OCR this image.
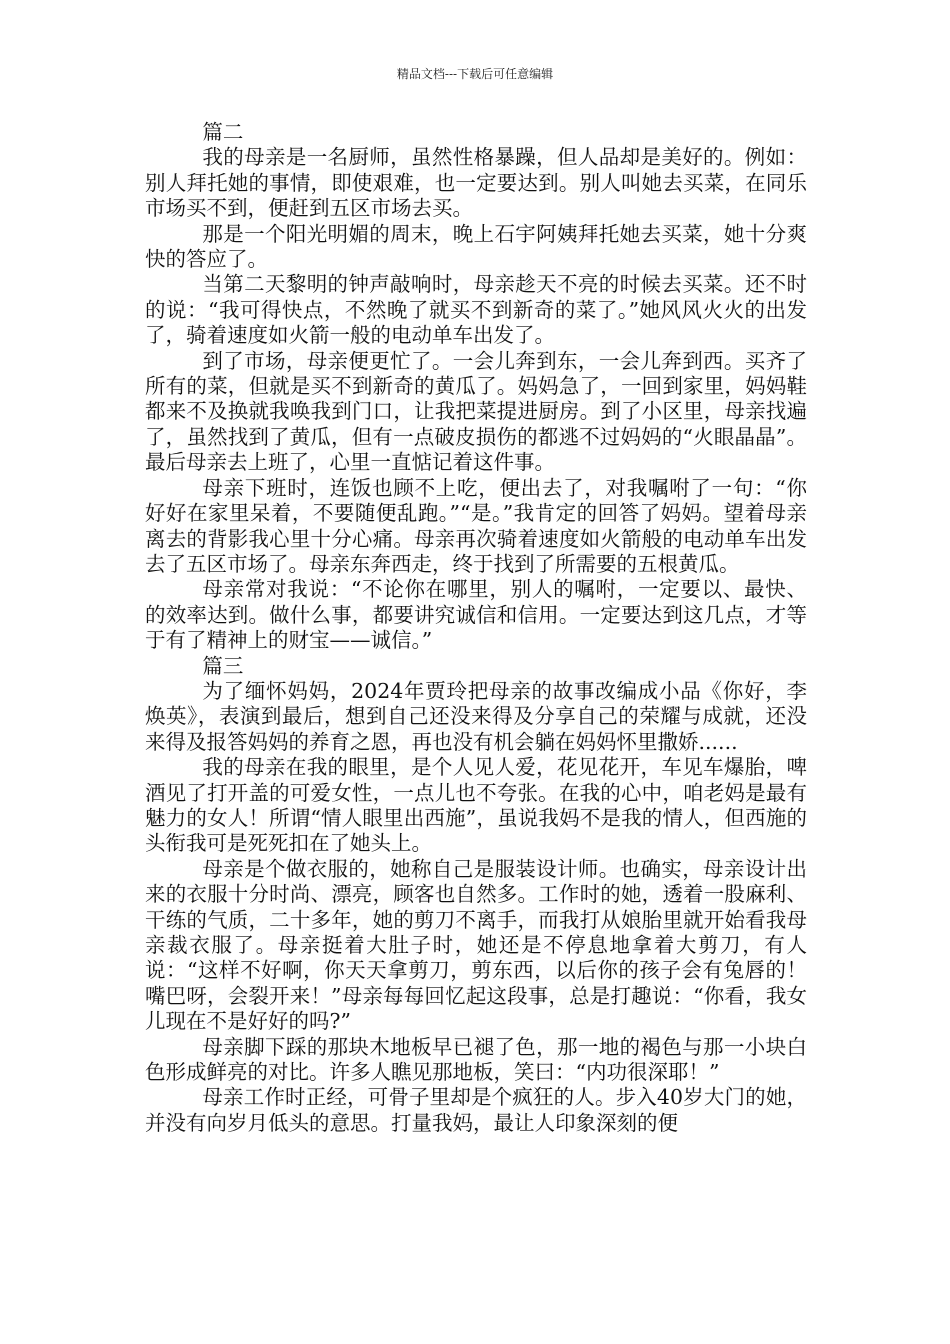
精品文档---下载后可任意编辑

篇二

我的母亲是一名厨师，虽然性格暴躁，但人品却是美好的。例如：别人拜托她的事情，即使艰难，也一定要达到。别人叫她去买菜，在同乐市场买不到，便赶到五区市场去买。

那是一个阳光明媚的周末，晚上石宇阿姨拜托她去买菜，她十分爽快的答应了。

当第二天黎明的钟声敲响时，母亲趁天不亮的时候去买菜。还不时的说：“我可得快点，不然晚了就买不到新奇的菜了。”她风风火火的出发了，骑着速度如火箭一般的电动单车出发了。

到了市场，母亲便更忙了。一会儿奔到东，一会儿奔到西。买齐了所有的菜，但就是买不到新奇的黄瓜了。妈妈急了，一回到家里，妈妈鞋都来不及换就我唤我到门口，让我把菜提进厨房。到了小区里，母亲找遍了，虽然找到了黄瓜，但有一点破皮损伤的都逃不过妈妈的“火眼晶晶”。最后母亲去上班了，心里一直惦记着这件事。

母亲下班时，连饭也顾不上吃，便出去了，对我嘱咐了一句：“你好好在家里呆着，不要随便乱跑。”“是。”我肯定的回答了妈妈。望着母亲离去的背影我心里十分心痛。母亲再次骑着速度如火箭般的电动单车出发去了五区市场了。母亲东奔西走，终于找到了所需要的五根黄瓜。

母亲常对我说：“不论你在哪里，别人的嘱咐，一定要以、最快、的效率达到。做什么事，都要讲究诚信和信用。一定要达到这几点，才等于有了精神上的财宝——诚信。”

篇三

为了缅怀妈妈，2024年贾玲把母亲的故事改编成小品《你好，李焕英》，表演到最后，想到自己还没来得及分享自己的荣耀与成就，还没来得及报答妈妈的养育之恩，再也没有机会躺在妈妈怀里撒娇......

我的母亲在我的眼里，是个人见人爱，花见花开，车见车爆胎，啤酒见了打开盖的可爱女性，一点儿也不夸张。在我的心中，咱老妈是最有魅力的女人！所谓“情人眼里出西施”，虽说我妈不是我的情人，但西施的头衔我可是死死扣在了她头上。

母亲是个做衣服的，她称自己是服装设计师。也确实，母亲设计出来的衣服十分时尚、漂亮，顾客也自然多。工作时的她，透着一股麻利、干练的气质，二十多年，她的剪刀不离手，而我打从娘胎里就开始看我母亲裁衣服了。母亲挺着大肚子时，她还是不停息地拿着大剪刀，有人说：“这样不好啊，你天天拿剪刀，剪东西，以后你的孩子会有兔唇的！嘴巴呀，会裂开来！”母亲每每回忆起这段事，总是打趣说：“你看，我女儿现在不是好好的吗?”

母亲脚下踩的那块木地板早已褪了色，那一地的褐色与那一小块白色形成鲜亮的对比。许多人瞧见那地板，笑曰：“内功很深耶！”

母亲工作时正经，可骨子里却是个疯狂的人。步入40岁大门的她，并没有向岁月低头的意思。打量我妈，最让人印象深刻的便
